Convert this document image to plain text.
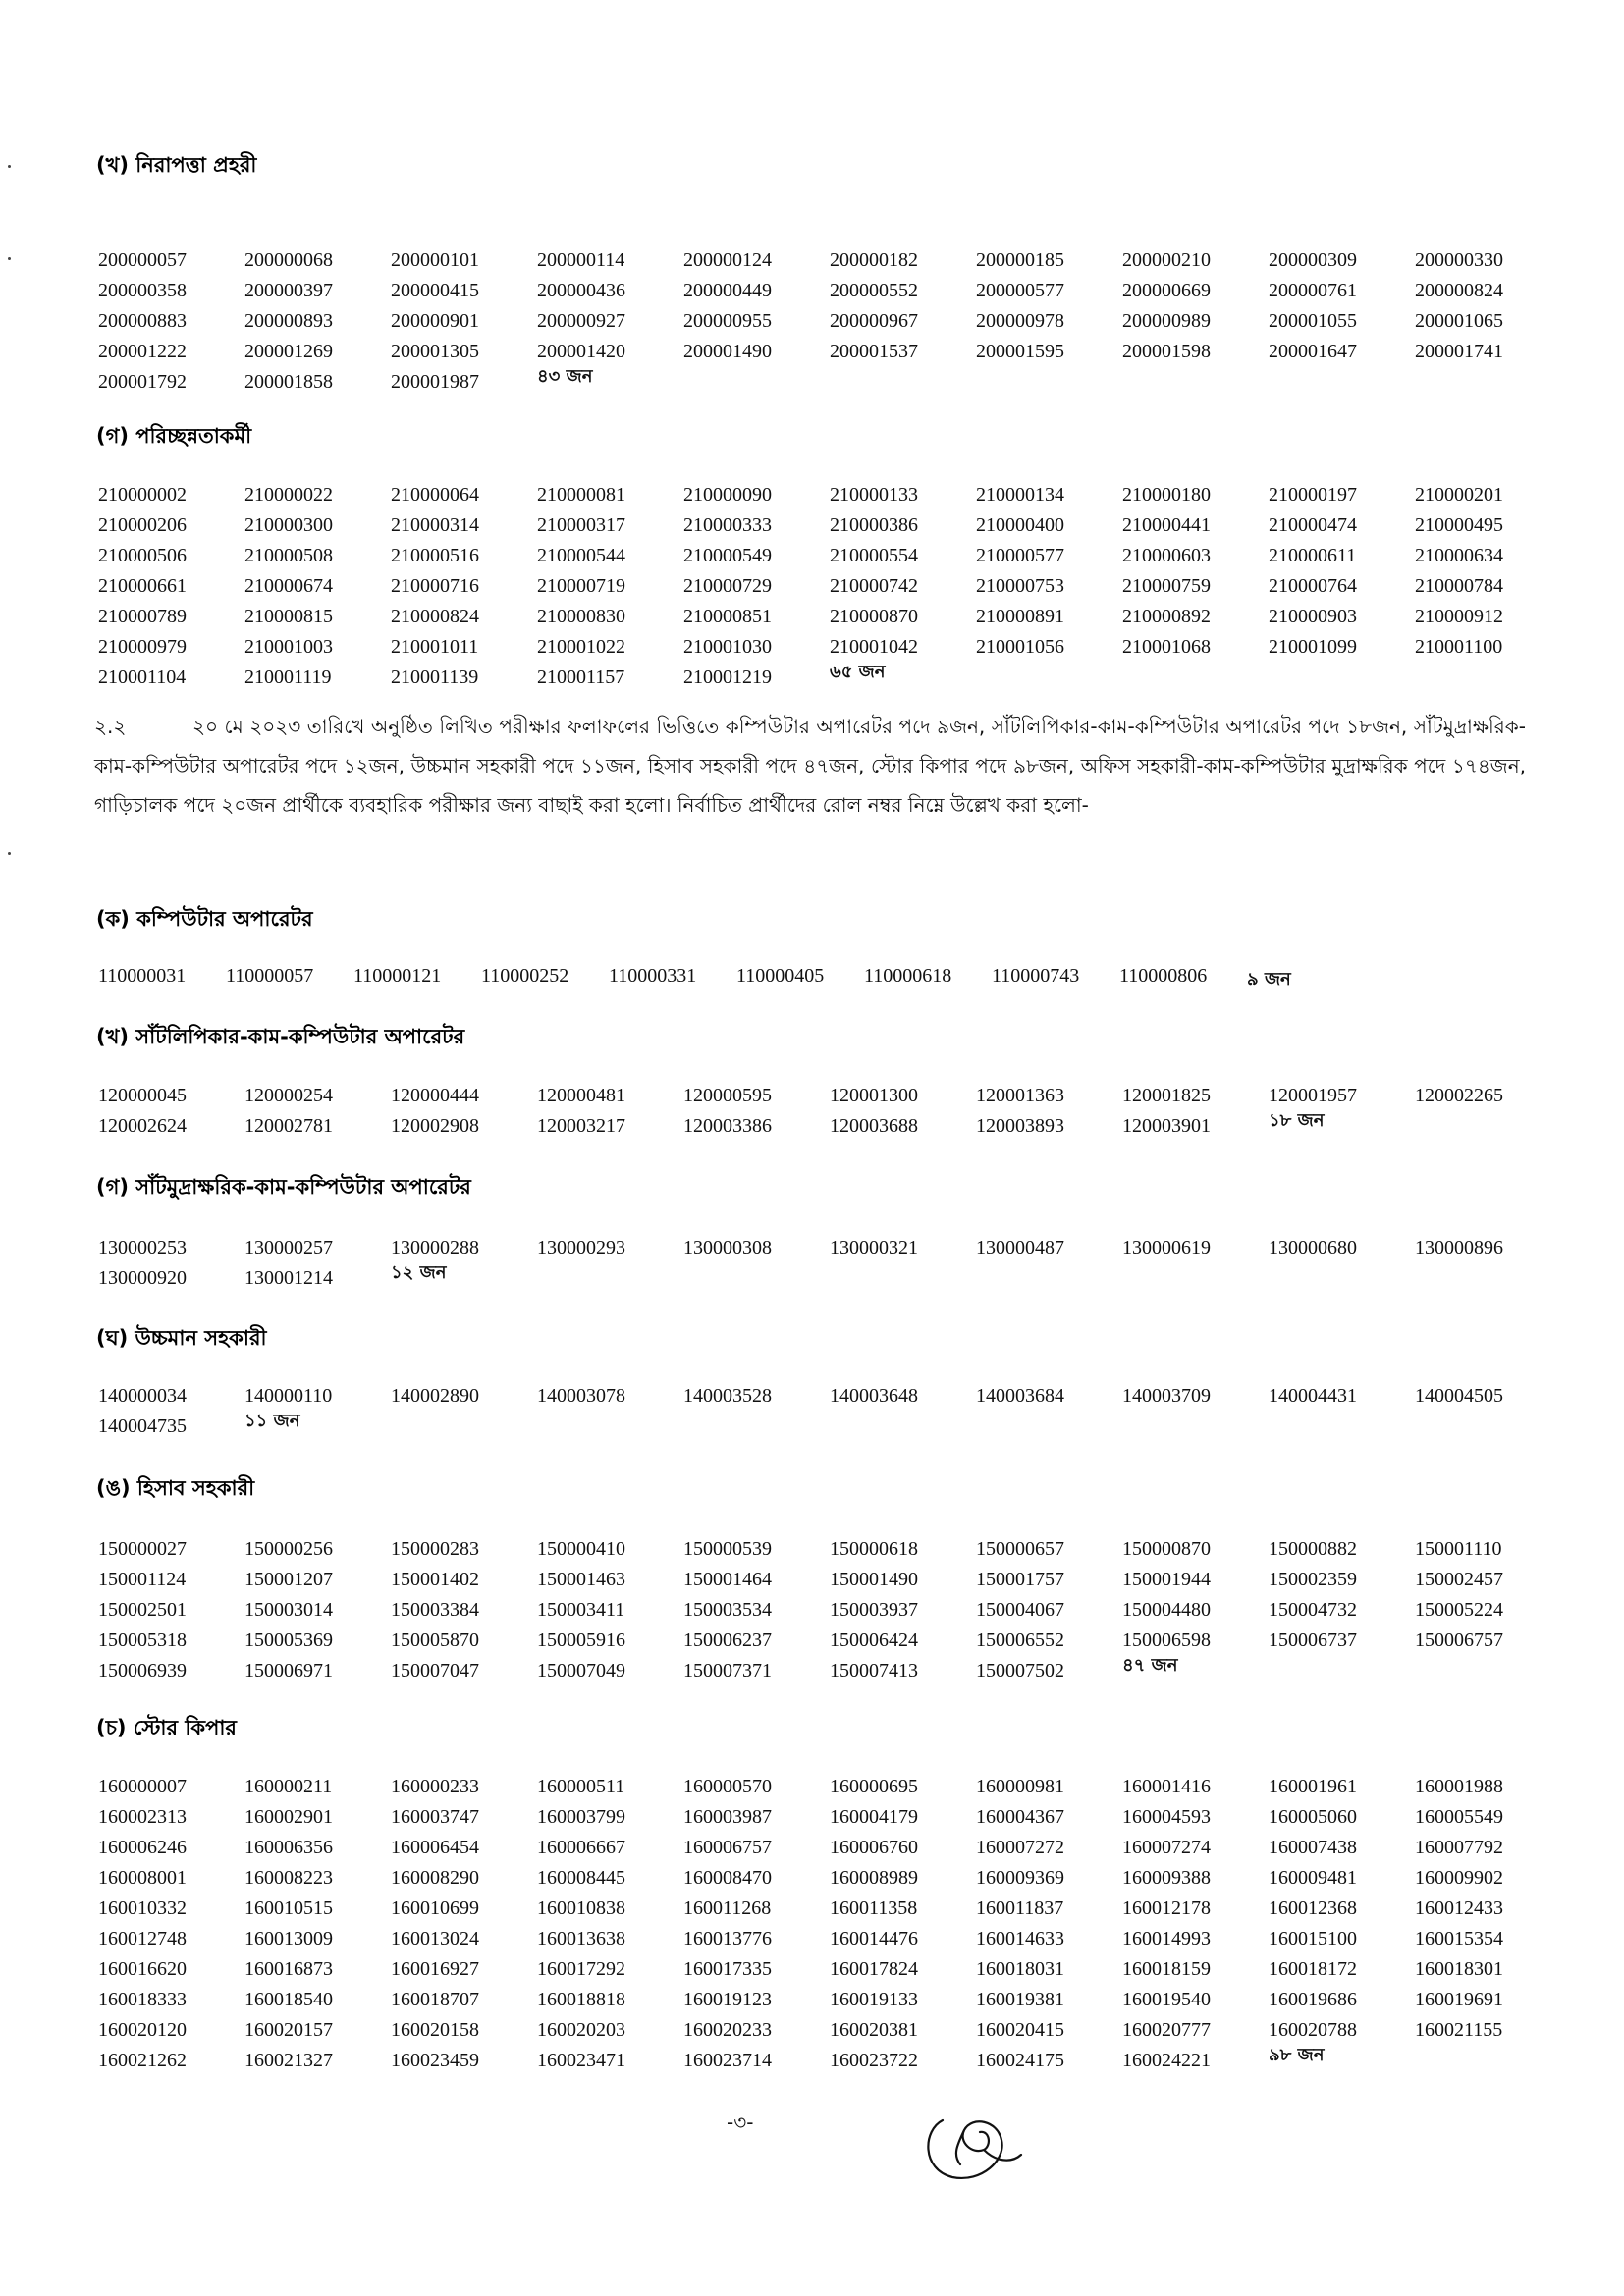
(খ) নিরাপত্তা প্রহরী
200000057	200000068	200000101	200000114	200000124	200000182	200000185	200000210	200000309	200000330
200000358	200000397	200000415	200000436	200000449	200000552	200000577	200000669	200000761	200000824
200000883	200000893	200000901	200000927	200000955	200000967	200000978	200000989	200001055	200001065
200001222	200001269	200001305	200001420	200001490	200001537	200001595	200001598	200001647	200001741
200001792	200001858	200001987	৪৩ জন
(গ) পরিচ্ছন্নতাকর্মী
210000002	210000022	210000064	210000081	210000090	210000133	210000134	210000180	210000197	210000201
210000206	210000300	210000314	210000317	210000333	210000386	210000400	210000441	210000474	210000495
210000506	210000508	210000516	210000544	210000549	210000554	210000577	210000603	210000611	210000634
210000661	210000674	210000716	210000719	210000729	210000742	210000753	210000759	210000764	210000784
210000789	210000815	210000824	210000830	210000851	210000870	210000891	210000892	210000903	210000912
210000979	210001003	210001011	210001022	210001030	210001042	210001056	210001068	210001099	210001100
210001104	210001119	210001139	210001157	210001219	৬৫ জন
২.২	২০ মে ২০২৩ তারিখে অনুষ্ঠিত লিখিত পরীক্ষার ফলাফলের ভিত্তিতে কম্পিউটার অপারেটর পদে ৯জন, সাঁটলিপিকার-কাম-কম্পিউটার অপারেটর পদে ১৮জন, সাঁটমুদ্রাক্ষরিক-কাম-কম্পিউটার অপারেটর পদে ১২জন, উচ্চমান সহকারী পদে ১১জন, হিসাব সহকারী পদে ৪৭জন, স্টোর কিপার পদে ৯৮জন, অফিস সহকারী-কাম-কম্পিউটার মুদ্রাক্ষরিক পদে ১৭৪জন, গাড়িচালক পদে ২০জন প্রার্থীকে ব্যবহারিক পরীক্ষার জন্য বাছাই করা হলো। নির্বাচিত প্রার্থীদের রোল নম্বর নিম্নে উল্লেখ করা হলো-
(ক) কম্পিউটার অপারেটর
110000031	110000057	110000121	110000252	110000331	110000405	110000618	110000743	110000806	৯ জন
(খ) সাঁটলিপিকার-কাম-কম্পিউটার অপারেটর
120000045	120000254	120000444	120000481	120000595	120001300	120001363	120001825	120001957	120002265
120002624	120002781	120002908	120003217	120003386	120003688	120003893	120003901	১৮ জন
(গ) সাঁটমুদ্রাক্ষরিক-কাম-কম্পিউটার অপারেটর
130000253	130000257	130000288	130000293	130000308	130000321	130000487	130000619	130000680	130000896
130000920	130001214	১২ জন
(ঘ) উচ্চমান সহকারী
140000034	140000110	140002890	140003078	140003528	140003648	140003684	140003709	140004431	140004505
140004735	১১ জন
(ঙ) হিসাব সহকারী
150000027	150000256	150000283	150000410	150000539	150000618	150000657	150000870	150000882	150001110
150001124	150001207	150001402	150001463	150001464	150001490	150001757	150001944	150002359	150002457
150002501	150003014	150003384	150003411	150003534	150003937	150004067	150004480	150004732	150005224
150005318	150005369	150005870	150005916	150006237	150006424	150006552	150006598	150006737	150006757
150006939	150006971	150007047	150007049	150007371	150007413	150007502	৪৭ জন
(চ) স্টোর কিপার
160000007	160000211	160000233	160000511	160000570	160000695	160000981	160001416	160001961	160001988
160002313	160002901	160003747	160003799	160003987	160004179	160004367	160004593	160005060	160005549
160006246	160006356	160006454	160006667	160006757	160006760	160007272	160007274	160007438	160007792
160008001	160008223	160008290	160008445	160008470	160008989	160009369	160009388	160009481	160009902
160010332	160010515	160010699	160010838	160011268	160011358	160011837	160012178	160012368	160012433
160012748	160013009	160013024	160013638	160013776	160014476	160014633	160014993	160015100	160015354
160016620	160016873	160016927	160017292	160017335	160017824	160018031	160018159	160018172	160018301
160018333	160018540	160018707	160018818	160019123	160019133	160019381	160019540	160019686	160019691
160020120	160020157	160020158	160020203	160020233	160020381	160020415	160020777	160020788	160021155
160021262	160021327	160023459	160023471	160023714	160023722	160024175	160024221	৯৮ জন
-৩-
